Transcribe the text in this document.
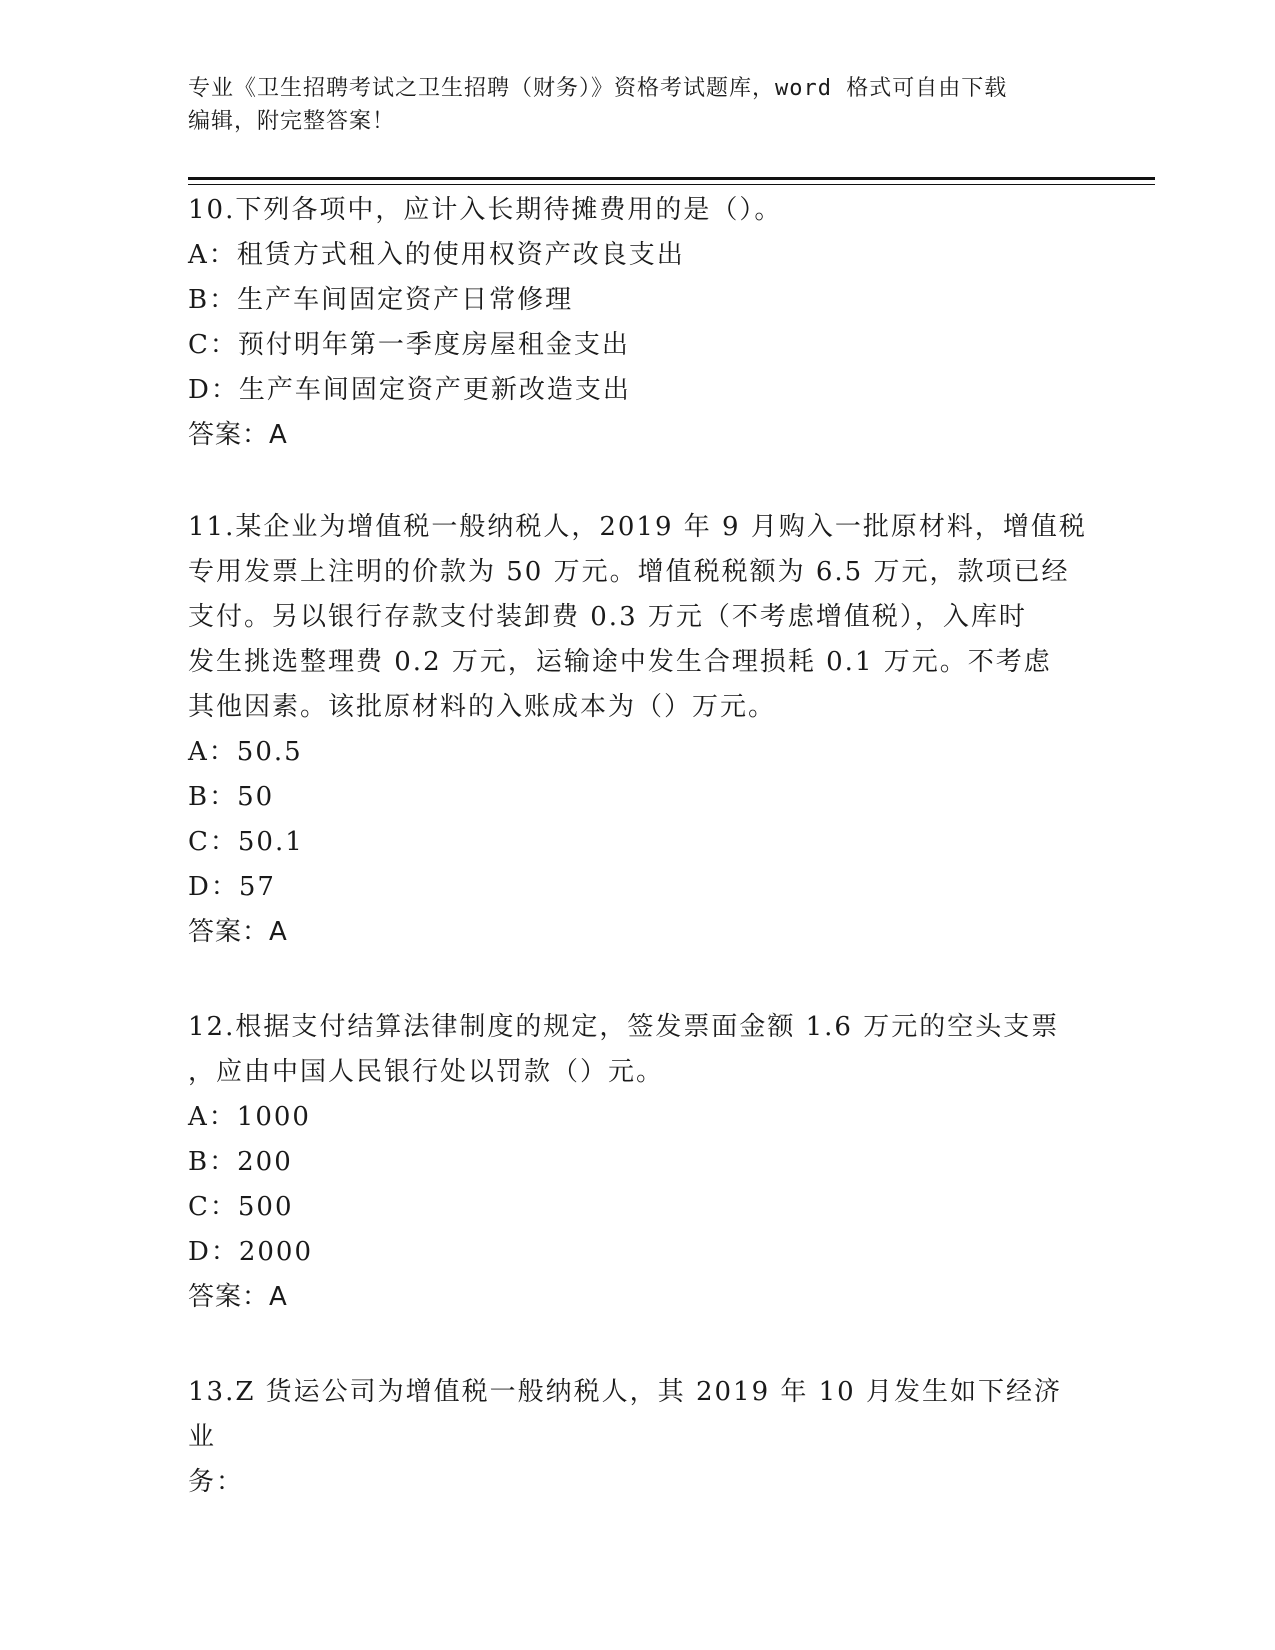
专业《卫生招聘考试之卫生招聘（财务）》资格考试题库，word 格式可自由下载
编辑，附完整答案！
10.下列各项中，应计入长期待摊费用的是（）。
A：租赁方式租入的使用权资产改良支出
B：生产车间固定资产日常修理
C：预付明年第一季度房屋租金支出
D：生产车间固定资产更新改造支出
答案：A
11.某企业为增值税一般纳税人，2019 年 9 月购入一批原材料，增值税
专用发票上注明的价款为 50 万元。增值税税额为 6.5 万元，款项已经
支付。另以银行存款支付装卸费 0.3 万元（不考虑增值税），入库时
发生挑选整理费 0.2 万元，运输途中发生合理损耗 0.1 万元。不考虑
其他因素。该批原材料的入账成本为（）万元。
A：50.5
B：50
C：50.1
D：57
答案：A
12.根据支付结算法律制度的规定，签发票面金额 1.6 万元的空头支票
，应由中国人民银行处以罚款（）元。
A：1000
B：200
C：500
D：2000
答案：A
13.Z 货运公司为增值税一般纳税人，其 2019 年 10 月发生如下经济业
务：
